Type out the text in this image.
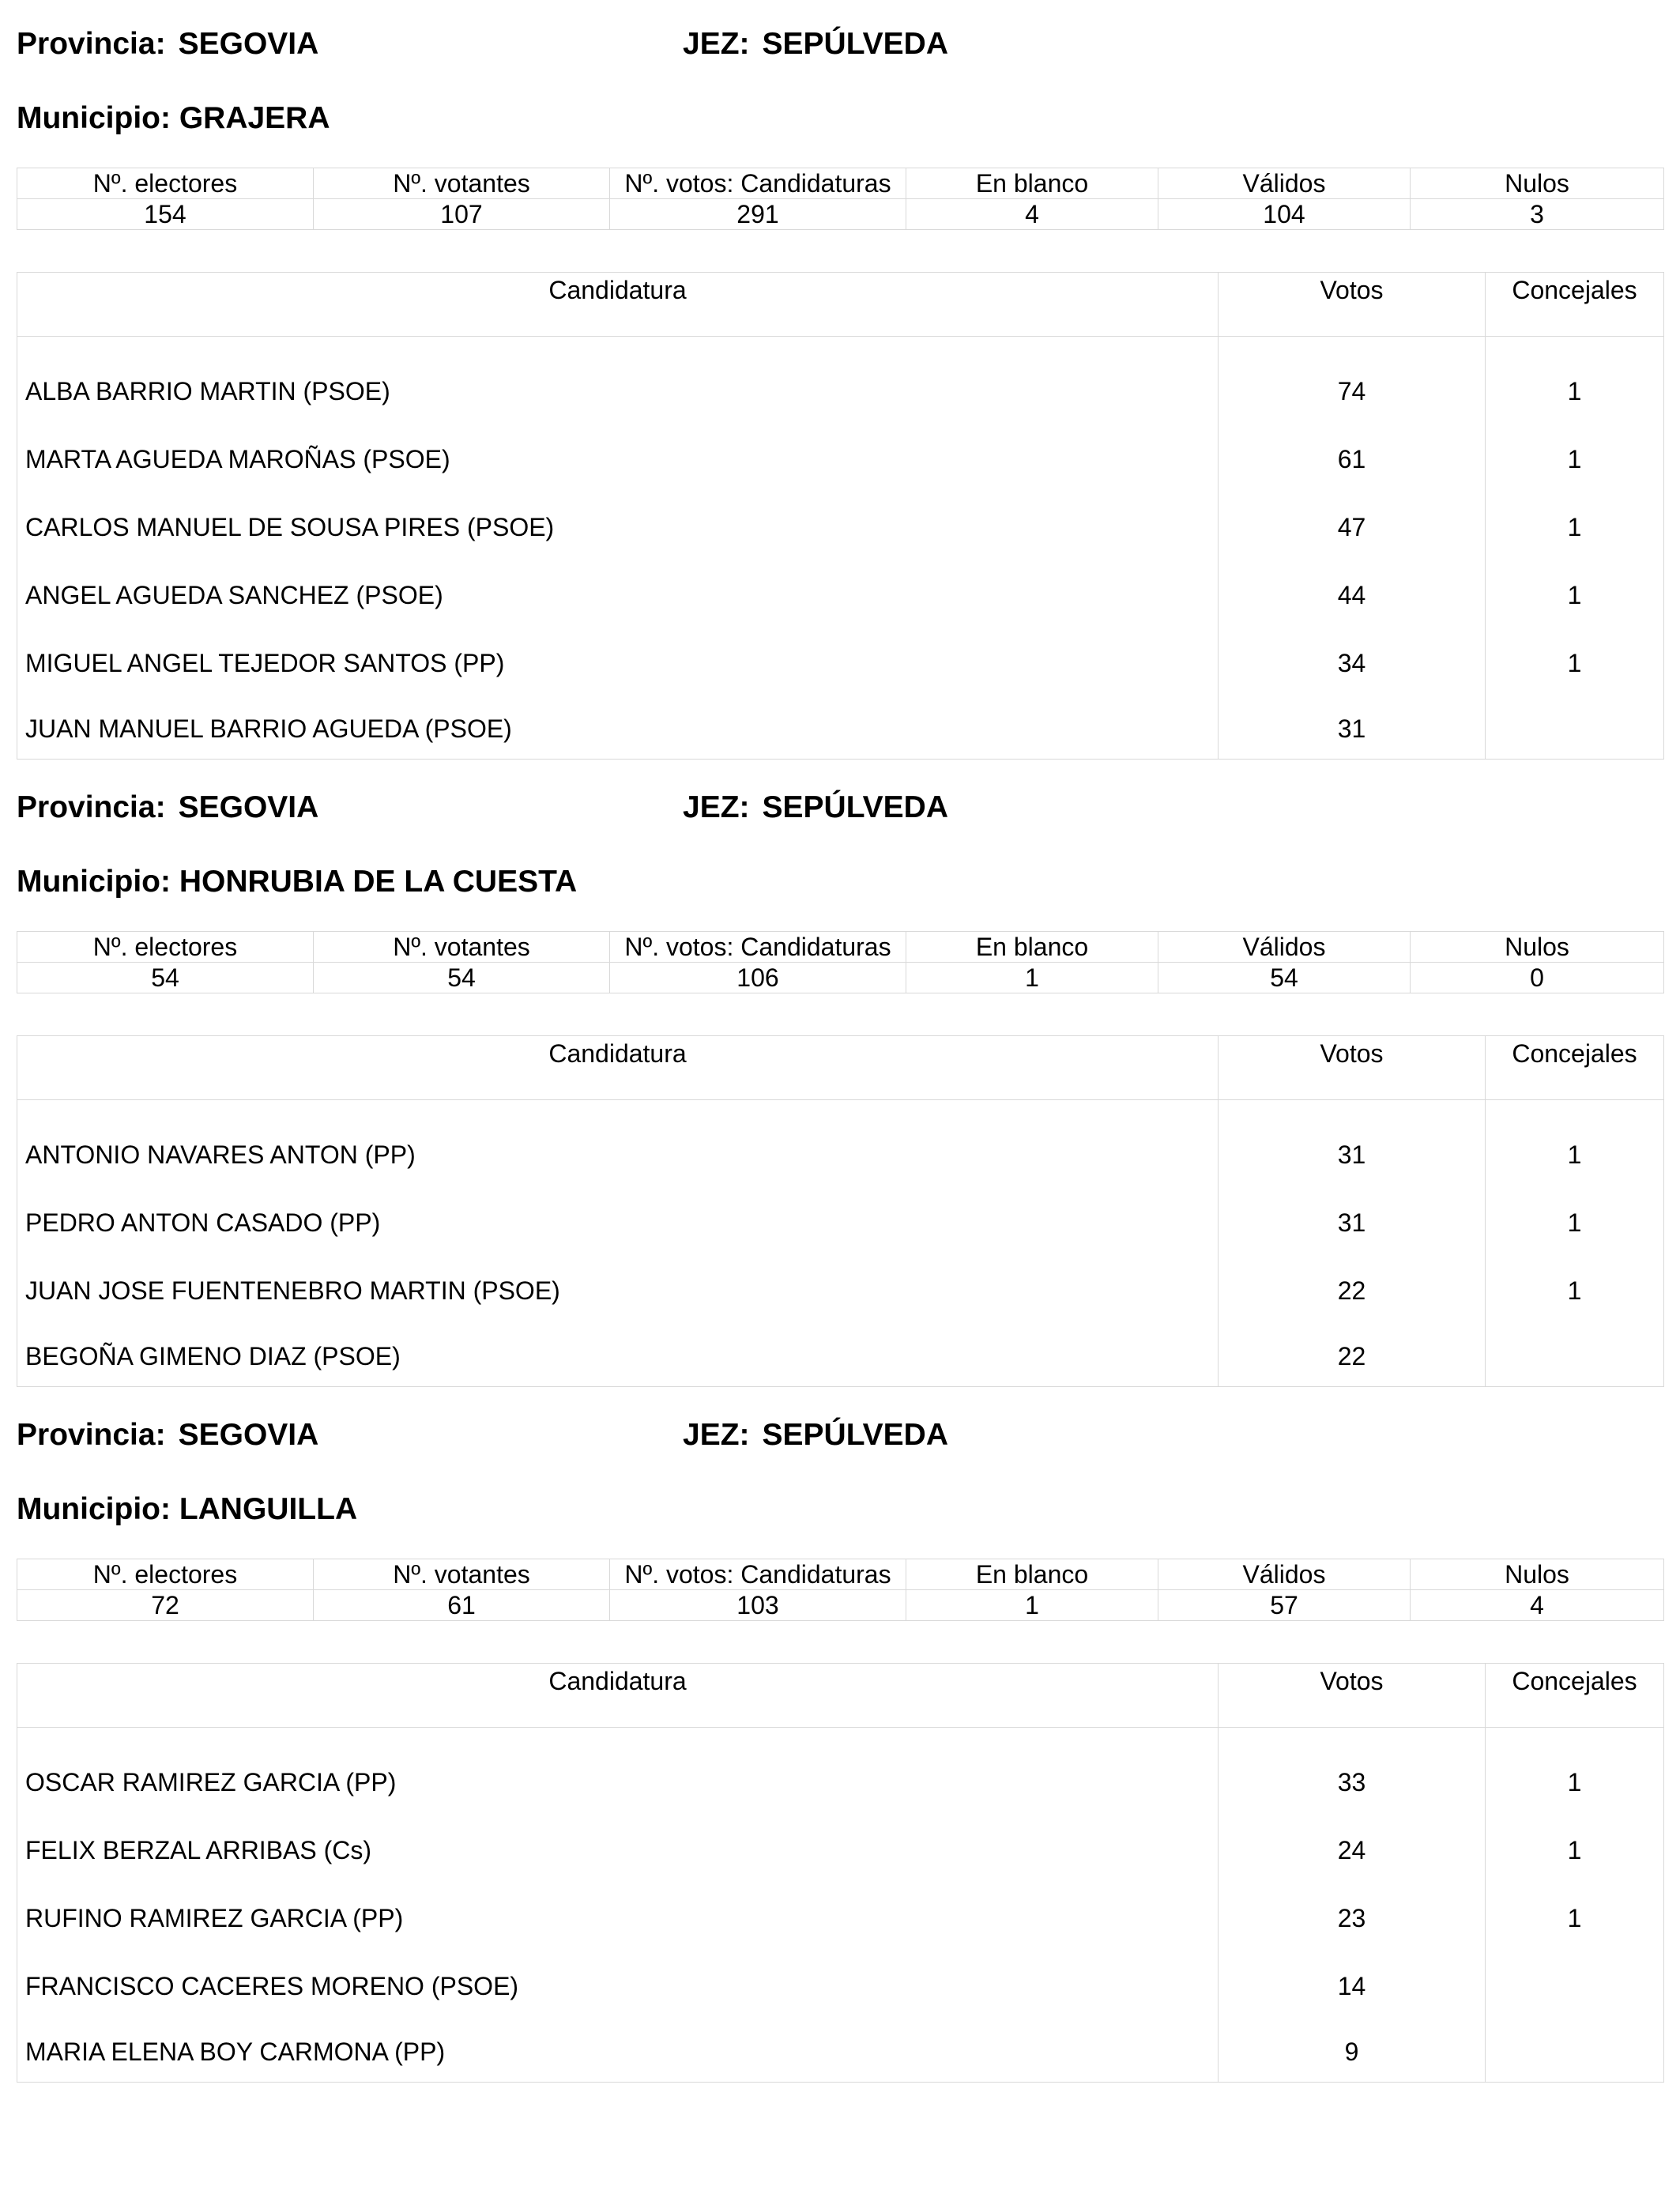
Provincia: SEGOVIA	JEZ: SEPÚLVEDA
Municipio: GRAJERA
Nº. electores	Nº. votantes	Nº. votos: Candidaturas	En blanco	Válidos	Nulos
154	107	291	4	104	3
Candidatura	Votos	Concejales

ALBA BARRIO MARTIN (PSOE)	74	1
MARTA AGUEDA MAROÑAS (PSOE)	61	1
CARLOS MANUEL DE SOUSA PIRES (PSOE)	47	1
ANGEL AGUEDA SANCHEZ (PSOE)	44	1
MIGUEL ANGEL TEJEDOR SANTOS (PP)	34	1
JUAN MANUEL BARRIO AGUEDA (PSOE)	31	
Provincia: SEGOVIA	JEZ: SEPÚLVEDA
Municipio: HONRUBIA DE LA CUESTA
Nº. electores	Nº. votantes	Nº. votos: Candidaturas	En blanco	Válidos	Nulos
54	54	106	1	54	0
Candidatura	Votos	Concejales

ANTONIO NAVARES ANTON (PP)	31	1
PEDRO ANTON CASADO (PP)	31	1
JUAN JOSE FUENTENEBRO MARTIN (PSOE)	22	1
BEGOÑA GIMENO DIAZ (PSOE)	22	
Provincia: SEGOVIA	JEZ: SEPÚLVEDA
Municipio: LANGUILLA
Nº. electores	Nº. votantes	Nº. votos: Candidaturas	En blanco	Válidos	Nulos
72	61	103	1	57	4
Candidatura	Votos	Concejales

OSCAR RAMIREZ GARCIA (PP)	33	1
FELIX BERZAL ARRIBAS (Cs)	24	1
RUFINO RAMIREZ GARCIA (PP)	23	1
FRANCISCO CACERES MORENO (PSOE)	14	
MARIA ELENA BOY CARMONA (PP)	9	
